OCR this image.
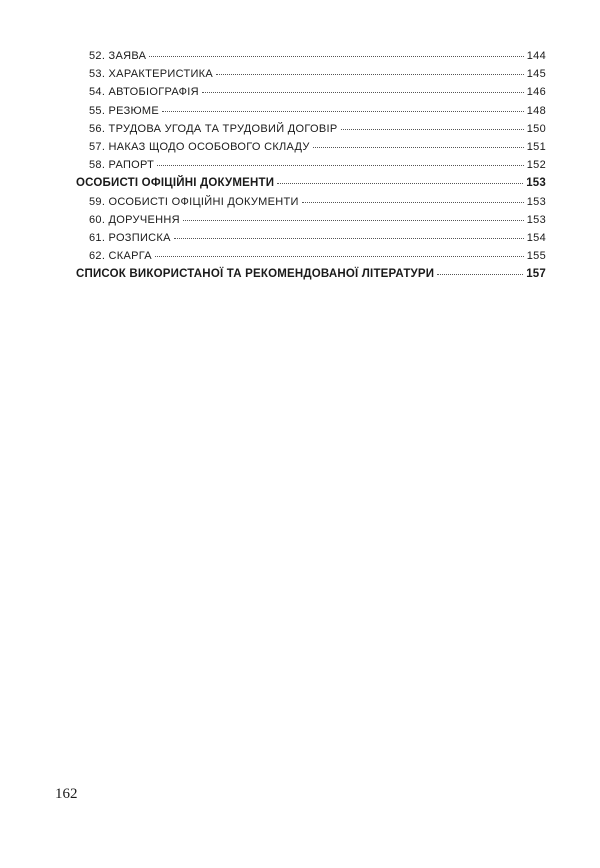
52. ЗАЯВА	144
53. ХАРАКТЕРИСТИКА	145
54. АВТОБІОГРАФІЯ	146
55. РЕЗЮМЕ	148
56. ТРУДОВА УГОДА ТА ТРУДОВИЙ ДОГОВІР	150
57. НАКАЗ ЩОДО ОСОБОВОГО СКЛАДУ	151
58. РАПОРТ	152
ОСОБИСТІ ОФІЦІЙНІ ДОКУМЕНТИ	153
59. ОСОБИСТІ ОФІЦІЙНІ ДОКУМЕНТИ	153
60. ДОРУЧЕННЯ	153
61. РОЗПИСКА	154
62. СКАРГА	155
СПИСОК ВИКОРИСТАНОЇ ТА РЕКОМЕНДОВАНОЇ ЛІТЕРАТУРИ	157
162
